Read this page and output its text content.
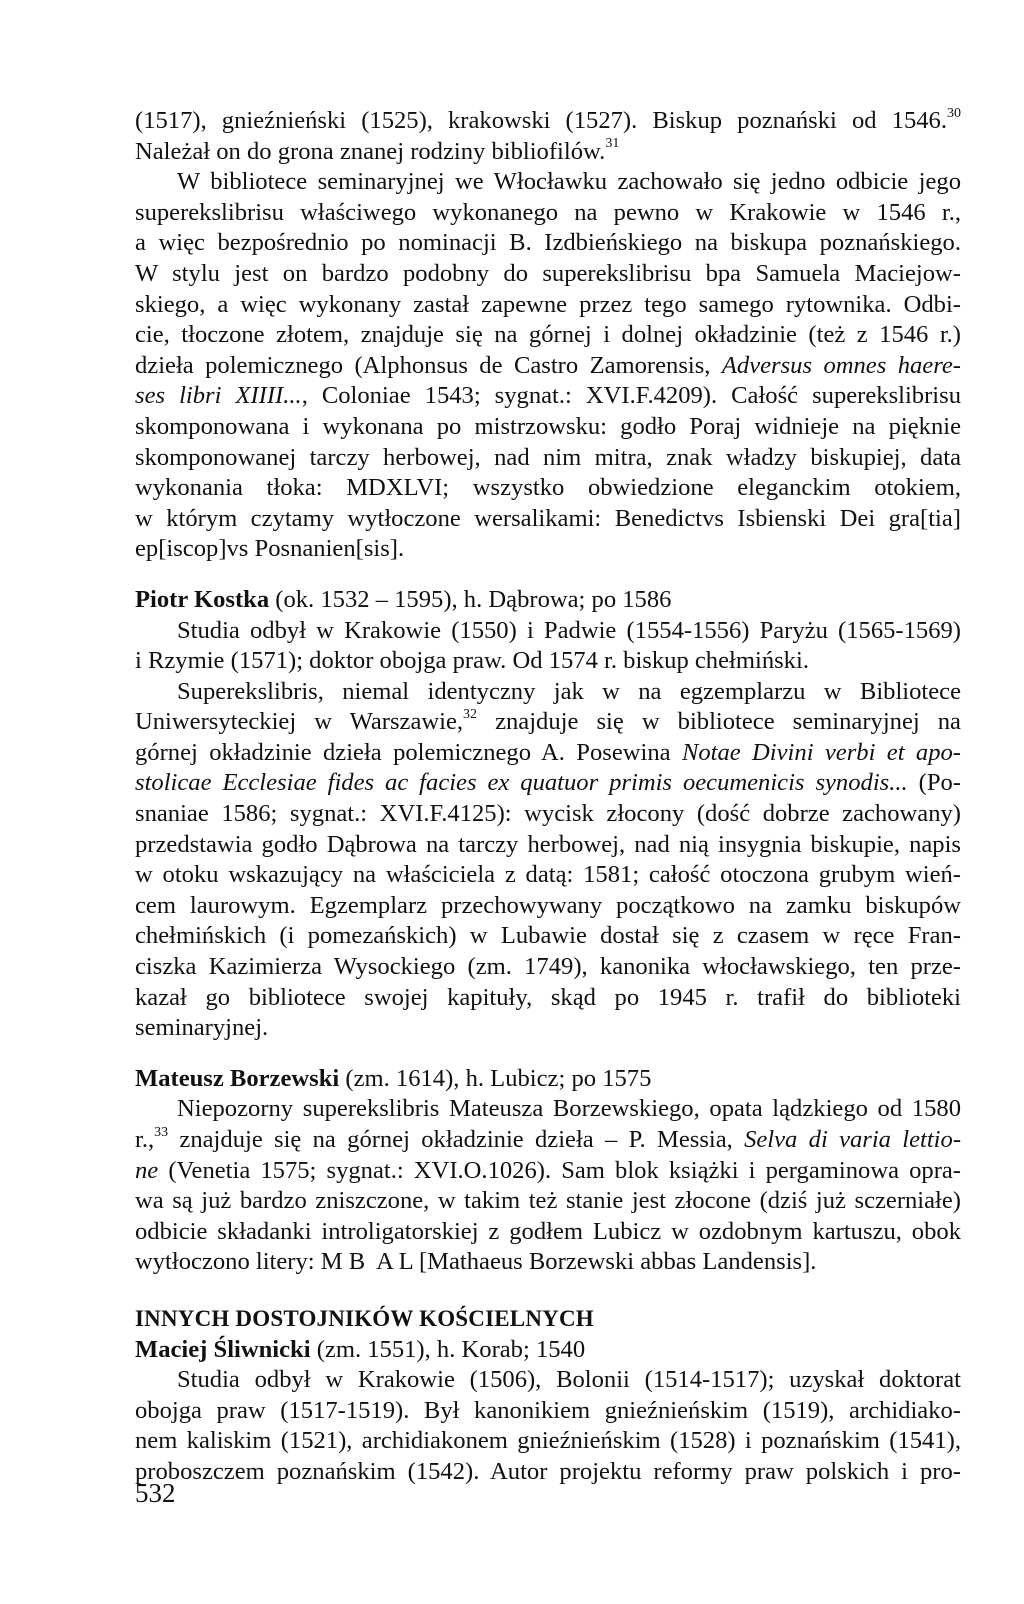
(1517), gnieźnieński (1525), krakowski (1527). Biskup poznański od 1546.30
Należał on do grona znanej rodziny bibliofilów.$^{31}$
W bibliotece seminaryjnej we Włocławku zachowało się jedno odbicie jego
superekslibrisu właściwego wykonanego na pewno w Krakowie w 1546 r.,
a więc bezpośrednio po nominacji B. Izdbieńskiego na biskupa poznańskiego.
W stylu jest on bardzo podobny do superekslibrisu bpa Samuela Maciejow-
skiego, a więc wykonany zastał zapewne przez tego samego rytownika. Odbi-
cie, tłoczone złotem, znajduje się na górnej i dolnej okładzinie (też z 1546 r.)
dzieła polemicznego (Alphonsus de Castro Zamorensis, Adversus omnes haere-
ses libri XIIII..., Coloniae 1543; sygnat.: XVI.F.4209). Całość superekslibrisu
skomponowana i wykonana po mistrzowsku: godło Poraj widnieje na pięknie
skomponowanej tarczy herbowej, nad nim mitra, znak władzy biskupiej, data
wykonania tłoka: MDXLVI; wszystko obwiedzione eleganckim otokiem,
w którym czytamy wytłoczone wersalikami: Benedictvs Isbienski Dei gra[tia]
ep[iscop]vs Posnanien[sis].
Piotr Kostka (ok. 1532 – 1595), h. Dąbrowa; po 1586
Studia odbył w Krakowie (1550) i Padwie (1554-1556) Paryżu (1565-1569)
i Rzymie (1571); doktor obojga praw. Od 1574 r. biskup chełmiński.
Superekslibris, niemal identyczny jak w na egzemplarzu w Bibliotece
Uniwersyteckiej w Warszawie,$^{32}$ znajduje się w bibliotece seminaryjnej na
górnej okładzinie dzieła polemicznego A. Posewina Notae Divini verbi et apo-
stolicae Ecclesiae fides ac facies ex quatuor primis oecumenicis synodis... (Po-
snaniae 1586; sygnat.: XVI.F.4125): wycisk złocony (dość dobrze zachowany)
przedstawia godło Dąbrowa na tarczy herbowej, nad nią insygnia biskupie, napis
w otoku wskazujący na właściciela z datą: 1581; całość otoczona grubym wień-
cem laurowym. Egzemplarz przechowywany początkowo na zamku biskupów
chełmińskich (i pomezańskich) w Lubawie dostał się z czasem w ręce Fran-
ciszka Kazimierza Wysockiego (zm. 1749), kanonika włocławskiego, ten prze-
kazał go bibliotece swojej kapituły, skąd po 1945 r. trafił do biblioteki
seminaryjnej.
Mateusz Borzewski (zm. 1614), h. Lubicz; po 1575
Niepozorny superekslibris Mateusza Borzewskiego, opata lądzkiego od 1580
r.,$^{33}$ znajduje się na górnej okładzinie dzieła – P. Messia, Selva di varia lettio-
ne (Venetia 1575; sygnat.: XVI.O.1026). Sam blok książki i pergaminowa opra-
wa są już bardzo zniszczone, w takim też stanie jest złocone (dziś już sczerniałe)
odbicie składanki introligatorskiej z godłem Lubicz w ozdobnym kartuszu, obok
wytłoczono litery: M B  A L [Mathaeus Borzewski abbas Landensis].
INNYCH DOSTOJNIKÓW KOŚCIELNYCH
Maciej Śliwnicki (zm. 1551), h. Korab; 1540
Studia odbył w Krakowie (1506), Bolonii (1514-1517); uzyskał doktorat
obojga praw (1517-1519). Był kanonikiem gnieźnieńskim (1519), archidiako-
nem kaliskim (1521), archidiakonem gnieźnieńskim (1528) i poznańskim (1541),
proboszczem poznańskim (1542). Autor projektu reformy praw polskich i pro-
532
